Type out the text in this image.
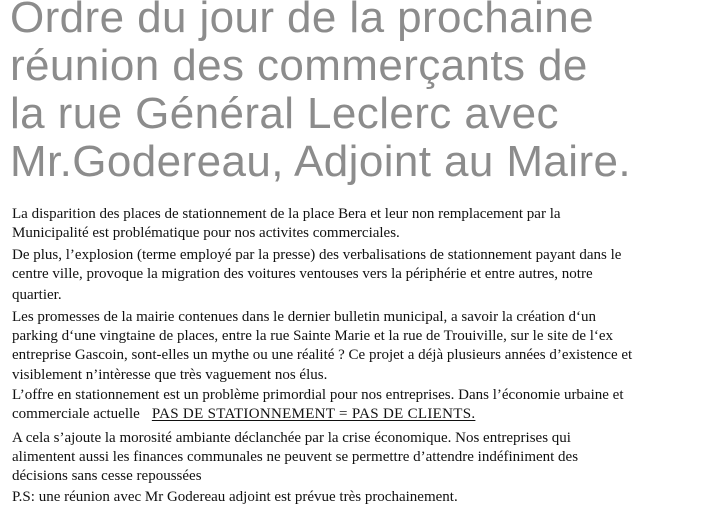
Ordre du jour de la prochaine
réunion des commerçants de
la rue Général Leclerc avec
Mr.Godereau, Adjoint au Maire.

La disparition des places de stationnement de la place Bera et leur non remplacement par la

Municipalité est problématique pour nos activites commerciales.

De plus, l’explosion (terme employé par la presse) des verbalisations de stationnement payant dans le

centre ville, provoque la migration des voitures ventouses vers la périphérie et entre autres, notre

quartier.

Les promesses de la mairie contenues dans le dernier bulletin municipal, a savoir la création d‘un

parking d‘une vingtaine de places, entre la rue Sainte Marie et la rue de Trouiville, sur le site de l‘ex

entreprise Gascoin, sont-elles un mythe ou une réalité ? Ce projet a déjà plusieurs années d’existence et

visiblement n’intèresse que très vaguement nos élus.

L’offre en stationnement est un problème primordial pour nos entreprises. Dans l’économie urbaine et

commerciale actuelle PAS DE STATIONNEMENT = PAS DE CLIENTS.

A cela s’ajoute la morosité ambiante déclanchée par la crise économique. Nos entreprises qui

alimentent aussi les finances communales ne peuvent se permettre d’attendre indéfiniment des

décisions sans cesse repoussées

P.S: une réunion avec Mr Godereau adjoint est prévue très prochainement.
